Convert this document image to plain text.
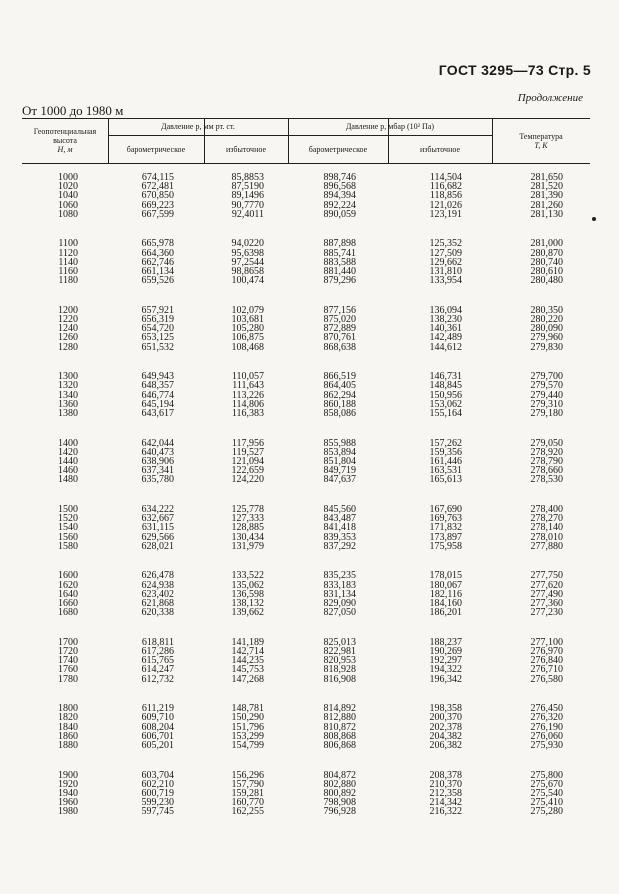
ГОСТ 3295—73 Стр. 5
Продолжение
От 1000 до 1980 м
Геопотенциальная
высота
H, м
Давление p, мм рт. ст.	Давление p, мбар (10² Па)
барометрическое	избыточное	барометрическое	избыточное
Температура
T, K
1000	674,115	85,8853	898,746	114,504	281,650
1020	672,481	87,5190	896,568	116,682	281,520
1040	670,850	89,1496	894,394	118,856	281,390
1060	669,223	90,7770	892,224	121,026	281,260
1080	667,599	92,4011	890,059	123,191	281,130
1100	665,978	94,0220	887,898	125,352	281,000
1120	664,360	95,6398	885,741	127,509	280,870
1140	662,746	97,2544	883,588	129,662	280,740
1160	661,134	98,8658	881,440	131,810	280,610
1180	659,526	100,474	879,296	133,954	280,480
1200	657,921	102,079	877,156	136,094	280,350
1220	656,319	103,681	875,020	138,230	280,220
1240	654,720	105,280	872,889	140,361	280,090
1260	653,125	106,875	870,761	142,489	279,960
1280	651,532	108,468	868,638	144,612	279,830
1300	649,943	110,057	866,519	146,731	279,700
1320	648,357	111,643	864,405	148,845	279,570
1340	646,774	113,226	862,294	150,956	279,440
1360	645,194	114,806	860,188	153,062	279,310
1380	643,617	116,383	858,086	155,164	279,180
1400	642,044	117,956	855,988	157,262	279,050
1420	640,473	119,527	853,894	159,356	278,920
1440	638,906	121,094	851,804	161,446	278,790
1460	637,341	122,659	849,719	163,531	278,660
1480	635,780	124,220	847,637	165,613	278,530
1500	634,222	125,778	845,560	167,690	278,400
1520	632,667	127,333	843,487	169,763	278,270
1540	631,115	128,885	841,418	171,832	278,140
1560	629,566	130,434	839,353	173,897	278,010
1580	628,021	131,979	837,292	175,958	277,880
1600	626,478	133,522	835,235	178,015	277,750
1620	624,938	135,062	833,183	180,067	277,620
1640	623,402	136,598	831,134	182,116	277,490
1660	621,868	138,132	829,090	184,160	277,360
1680	620,338	139,662	827,050	186,201	277,230
1700	618,811	141,189	825,013	188,237	277,100
1720	617,286	142,714	822,981	190,269	276,970
1740	615,765	144,235	820,953	192,297	276,840
1760	614,247	145,753	818,928	194,322	276,710
1780	612,732	147,268	816,908	196,342	276,580
1800	611,219	148,781	814,892	198,358	276,450
1820	609,710	150,290	812,880	200,370	276,320
1840	608,204	151,796	810,872	202,378	276,190
1860	606,701	153,299	808,868	204,382	276,060
1880	605,201	154,799	806,868	206,382	275,930
1900	603,704	156,296	804,872	208,378	275,800
1920	602,210	157,790	802,880	210,370	275,670
1940	600,719	159,281	800,892	212,358	275,540
1960	599,230	160,770	798,908	214,342	275,410
1980	597,745	162,255	796,928	216,322	275,280
